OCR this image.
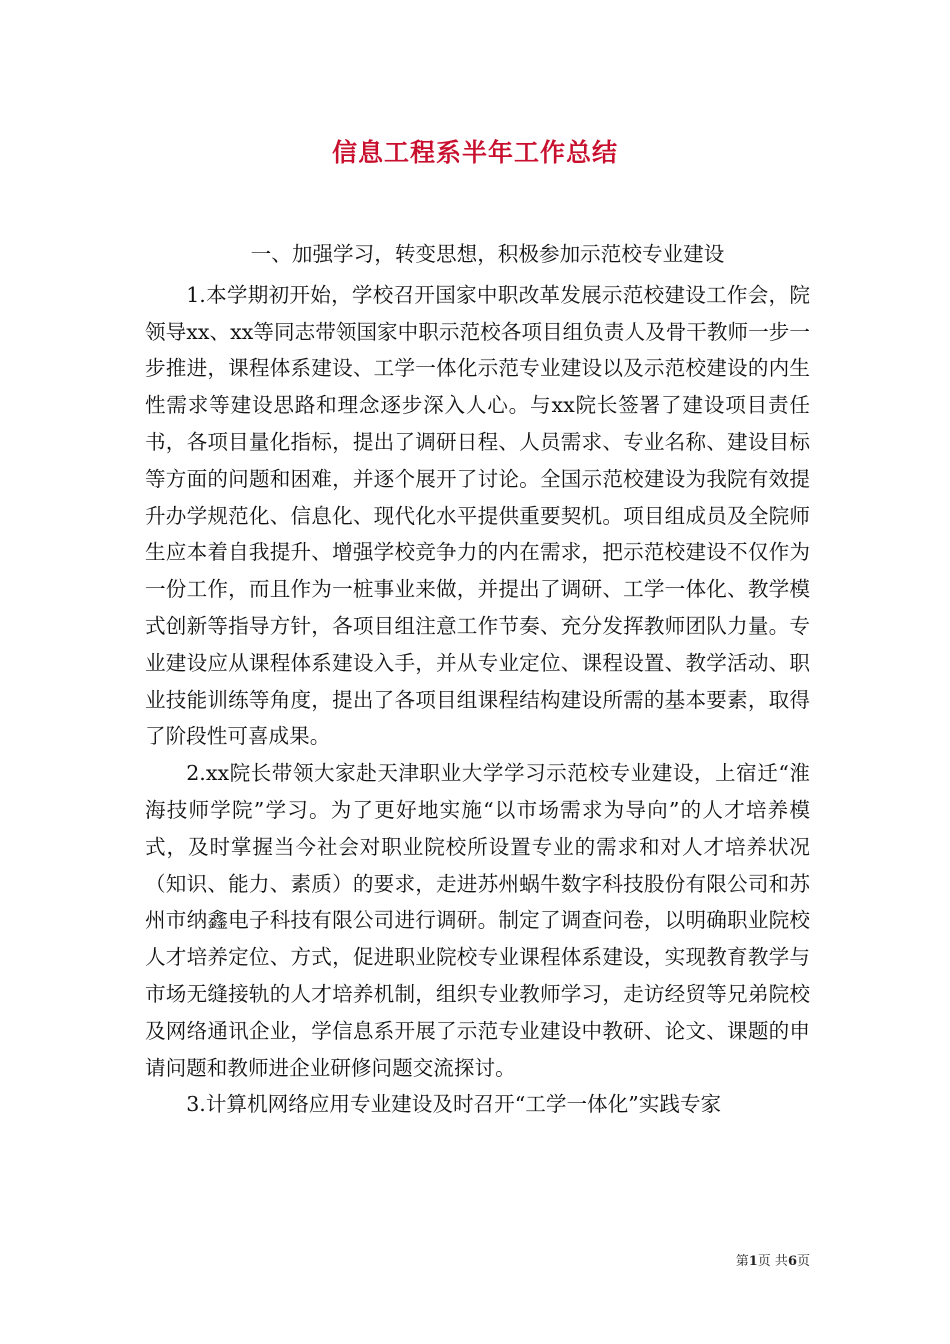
信息工程系半年工作总结

一、加强学习，转变思想，积极参加示范校专业建设

1.本学期初开始，学校召开国家中职改革发展示范校建设工作会，院领导xx、xx等同志带领国家中职示范校各项目组负责人及骨干教师一步一步推进，课程体系建设、工学一体化示范专业建设以及示范校建设的内生性需求等建设思路和理念逐步深入人心。与xx院长签署了建设项目责任书，各项目量化指标，提出了调研日程、人员需求、专业名称、建设目标等方面的问题和困难，并逐个展开了讨论。全国示范校建设为我院有效提升办学规范化、信息化、现代化水平提供重要契机。项目组成员及全院师生应本着自我提升、增强学校竞争力的内在需求，把示范校建设不仅作为一份工作，而且作为一桩事业来做，并提出了调研、工学一体化、教学模式创新等指导方针，各项目组注意工作节奏、充分发挥教师团队力量。专业建设应从课程体系建设入手，并从专业定位、课程设置、教学活动、职业技能训练等角度，提出了各项目组课程结构建设所需的基本要素，取得了阶段性可喜成果。

2.xx院长带领大家赴天津职业大学学习示范校专业建设，上宿迁“淮海技师学院”学习。为了更好地实施“以市场需求为导向”的人才培养模式，及时掌握当今社会对职业院校所设置专业的需求和对人才培养状况（知识、能力、素质）的要求，走进苏州蜗牛数字科技股份有限公司和苏州市纳鑫电子科技有限公司进行调研。制定了调查问卷，以明确职业院校人才培养定位、方式，促进职业院校专业课程体系建设，实现教育教学与市场无缝接轨的人才培养机制，组织专业教师学习，走访经贸等兄弟院校及网络通讯企业，学信息系开展了示范专业建设中教研、论文、课题的申请问题和教师进企业研修问题交流探讨。

3.计算机网络应用专业建设及时召开“工学一体化”实践专家

第1页 共6页
